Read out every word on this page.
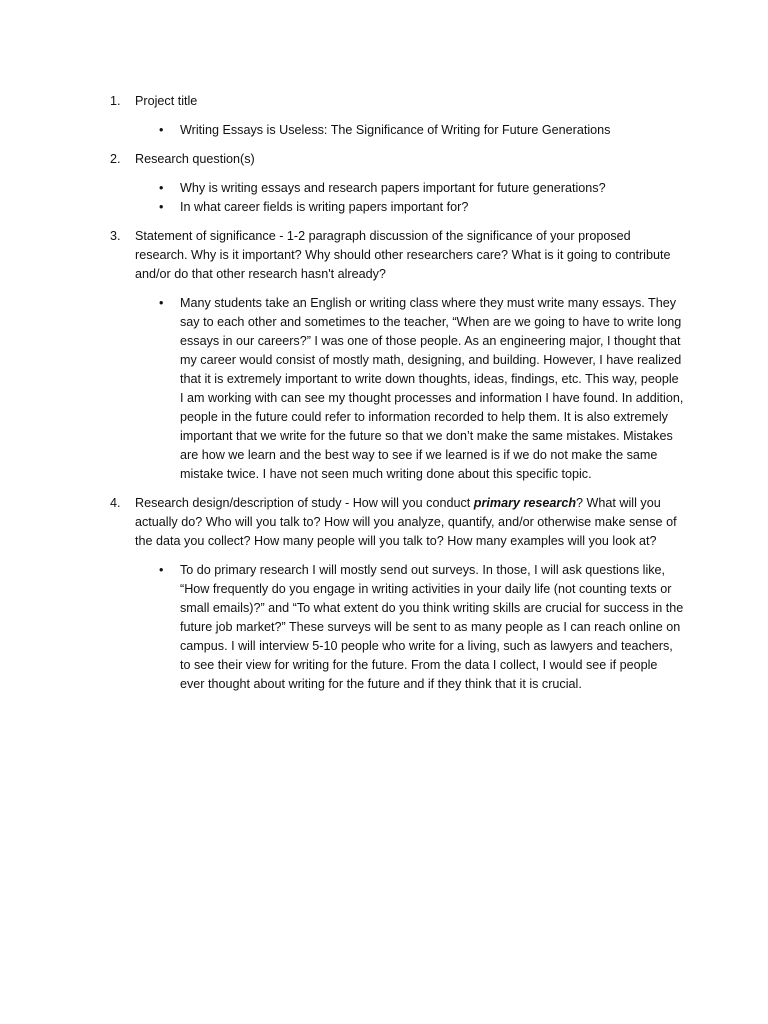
1. Project title

• Writing Essays is Useless: The Significance of Writing for Future Generations

2. Research question(s)

• Why is writing essays and research papers important for future generations?

• In what career fields is writing papers important for?

3. Statement of significance - 1-2 paragraph discussion of the significance of your proposed research. Why is it important? Why should other researchers care? What is it going to contribute and/or do that other research hasn't already?

• Many students take an English or writing class where they must write many essays. They say to each other and sometimes to the teacher, “When are we going to have to write long essays in our careers?” I was one of those people. As an engineering major, I thought that my career would consist of mostly math, designing, and building. However, I have realized that it is extremely important to write down thoughts, ideas, findings, etc. This way, people I am working with can see my thought processes and information I have found. In addition, people in the future could refer to information recorded to help them. It is also extremely important that we write for the future so that we don’t make the same mistakes. Mistakes are how we learn and the best way to see if we learned is if we do not make the same mistake twice. I have not seen much writing done about this specific topic.

4. Research design/description of study - How will you conduct primary research? What will you actually do? Who will you talk to? How will you analyze, quantify, and/or otherwise make sense of the data you collect? How many people will you talk to? How many examples will you look at?

• To do primary research I will mostly send out surveys. In those, I will ask questions like, “How frequently do you engage in writing activities in your daily life (not counting texts or small emails)?” and “To what extent do you think writing skills are crucial for success in the future job market?” These surveys will be sent to as many people as I can reach online on campus. I will interview 5-10 people who write for a living, such as lawyers and teachers, to see their view for writing for the future. From the data I collect, I would see if people ever thought about writing for the future and if they think that it is crucial.
